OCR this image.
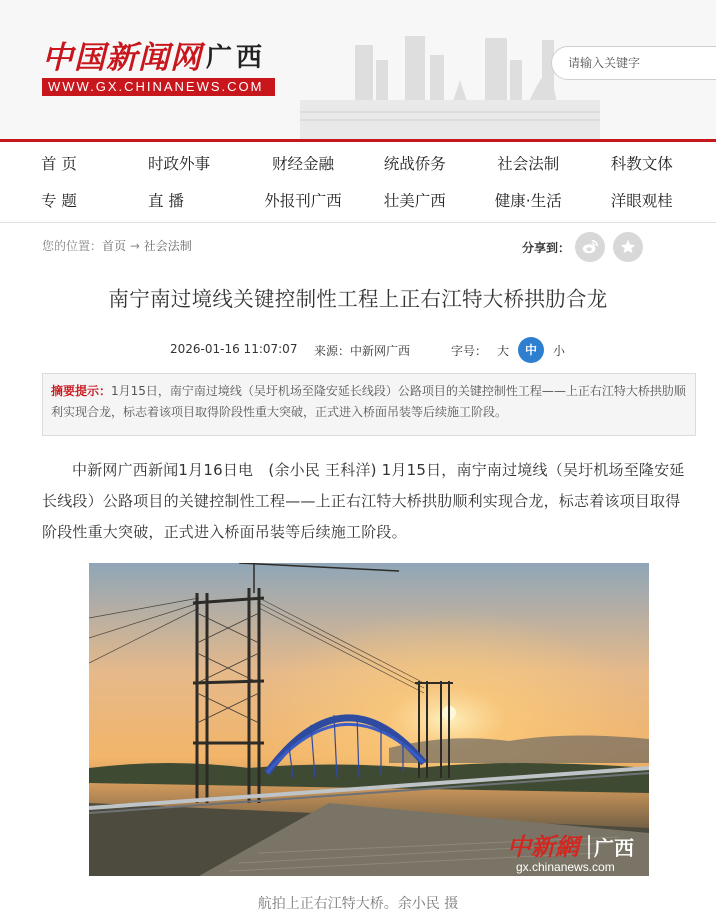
中国新闻网 广西
WWW.GX.CHINANEWS.COM
请输入关键字
首 页	时政外事	财经金融	统战侨务	社会法制	科教文体
专 题	直 播	外报刊广西	壮美广西	健康·生活	洋眼观桂
您的位置：首页 → 社会法制	分享到：
南宁南过境线关键控制性工程上正右江特大桥拱肋合龙
2026-01-16 11:07:07 来源：中新网广西	字号： 大	中	小
摘要提示：1月15日，南宁南过境线（吴圩机场至隆安延长线段）公路项目的关键控制性工程——上正右江特大桥拱肋顺利实现合龙，标志着该项目取得阶段性重大突破，正式进入桥面吊装等后续施工阶段。

中新网广西新闻1月16日电　(余小民 王科洋) 1月15日，南宁南过境线（吴圩机场至隆安延长线段）公路项目的关键控制性工程——上正右江特大桥拱肋顺利实现合龙，标志着该项目取得阶段性重大突破，正式进入桥面吊装等后续施工阶段。

中新網 广西
gx.chinanews.com
航拍上正右江特大桥。余小民 摄
